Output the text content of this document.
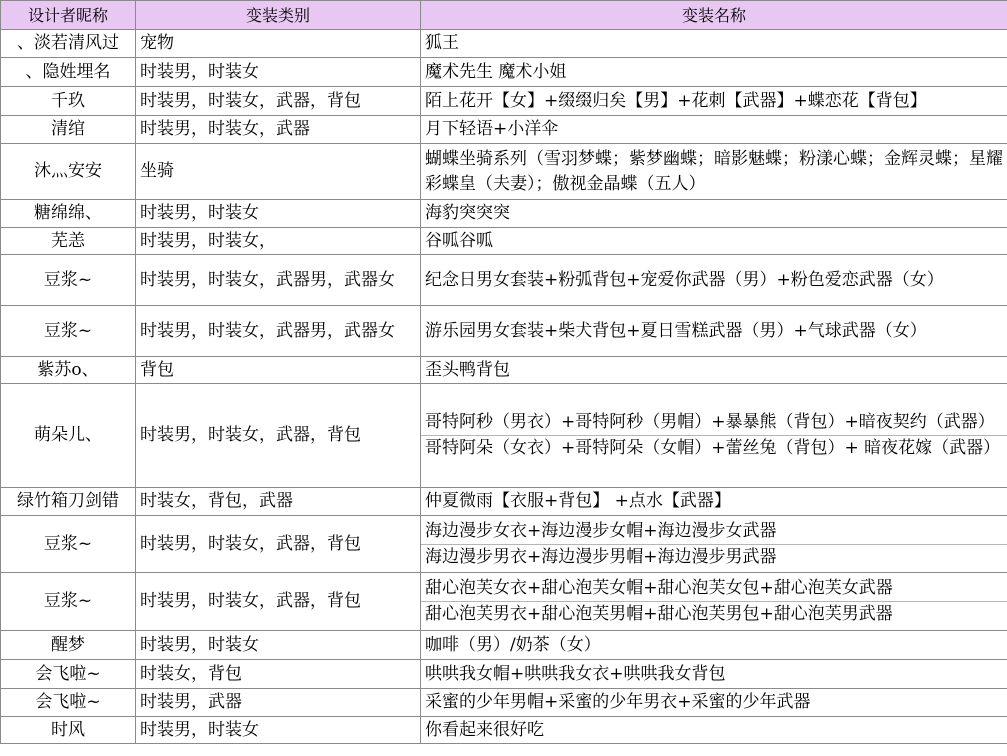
设计者昵称	变装类别	变装名称
、淡若清风过	宠物	狐王

、隐姓埋名	时装男，时装女	魔术先生 魔术小姐

千玖	时装男，时装女，武器，背包	陌上花开【女】+缀缀归矣【男】+花刺【武器】+蝶恋花【背包】

清绾	时装男，时装女，武器	月下轻语+小洋伞

沐灬安安	坐骑	蝴蝶坐骑系列（雪羽梦蝶；紫梦幽蝶；暗影魅蝶；粉漾心蝶；金辉灵蝶；星耀彩蝶皇（夫妻）；傲视金晶蝶（五人）

糖绵绵、	时装男，时装女	海豹突突突

芜恙	时装男，时装女，	谷呱谷呱

豆浆~	时装男，时装女，武器男，武器女	纪念日男女套装+粉弧背包+宠爱你武器（男）+粉色爱恋武器（女）

豆浆~	时装男，时装女，武器男，武器女	游乐园男女套装+柴犬背包+夏日雪糕武器（男）+气球武器（女）

紫苏o、	背包	歪头鸭背包

萌朵儿、	时装男，时装女，武器，背包	哥特阿秒（男衣）+哥特阿秒（男帽）+暴暴熊（背包）+暗夜契约（武器）
哥特阿朵（女衣）+哥特阿朵（女帽）+蕾丝兔（背包）+ 暗夜花嫁（武器）

绿竹箱刀剑错	时装女，背包，武器	仲夏微雨【衣服+背包】 +点水【武器】

豆浆~	时装男，时装女，武器，背包	海边漫步女衣+海边漫步女帽+海边漫步女武器
海边漫步男衣+海边漫步男帽+海边漫步男武器

豆浆~	时装男，时装女，武器，背包	甜心泡芙女衣+甜心泡芙女帽+甜心泡芙女包+甜心泡芙女武器
甜心泡芙男衣+甜心泡芙男帽+甜心泡芙男包+甜心泡芙男武器

醒梦	时装男，时装女	咖啡（男）/奶茶（女）

会飞啦~	时装女，背包	哄哄我女帽+哄哄我女衣+哄哄我女背包

会飞啦~	时装男，武器	采蜜的少年男帽+采蜜的少年男衣+采蜜的少年武器

时风	时装男，时装女	你看起来很好吃
